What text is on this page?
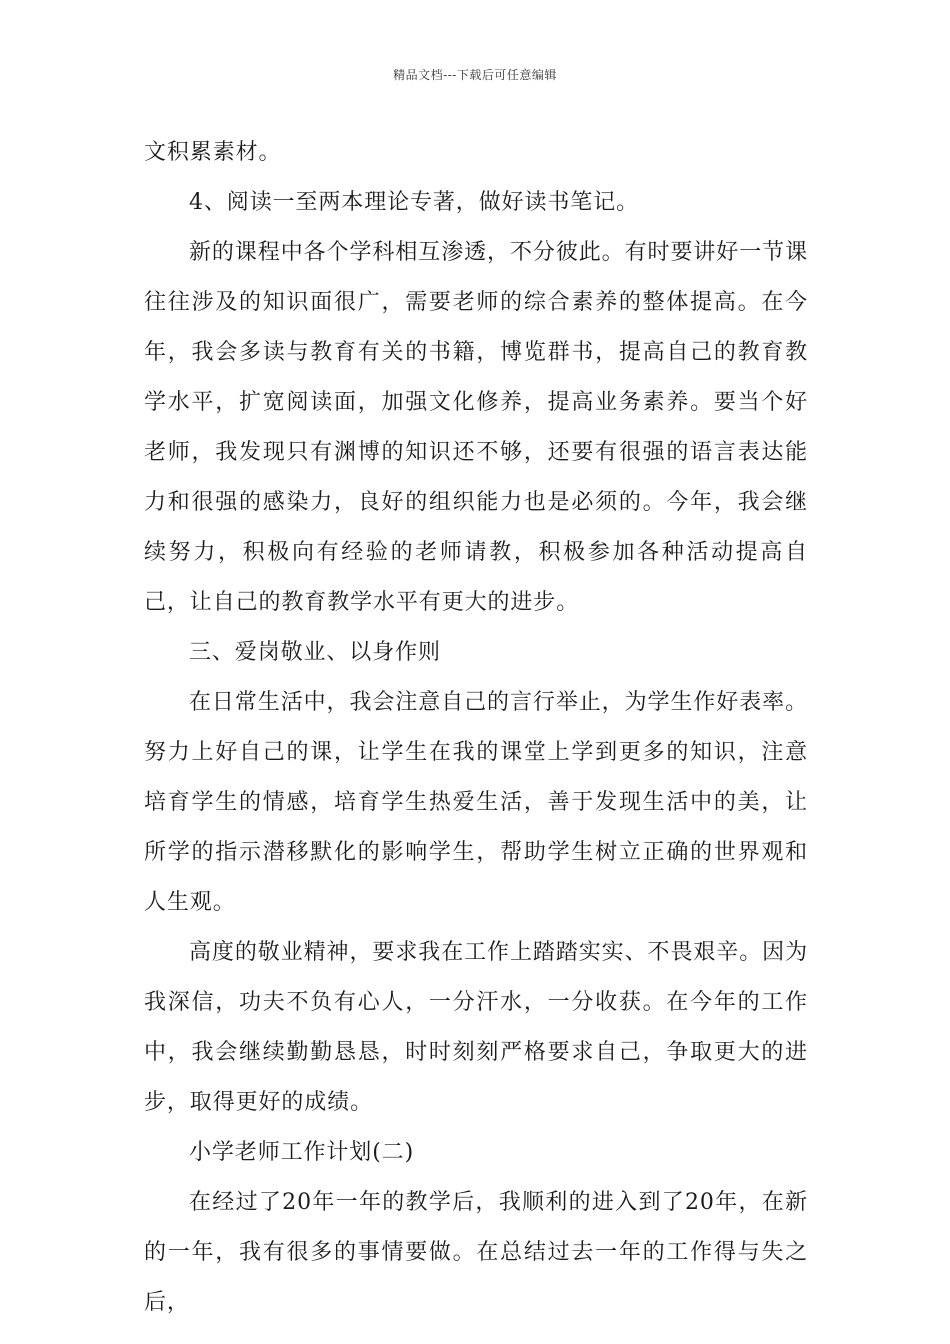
精品文档---下载后可任意编辑

文积累素材。

4、阅读一至两本理论专著，做好读书笔记。

新的课程中各个学科相互渗透，不分彼此。有时要讲好一节课往往涉及的知识面很广，需要老师的综合素养的整体提高。在今年，我会多读与教育有关的书籍，博览群书，提高自己的教育教学水平，扩宽阅读面，加强文化修养，提高业务素养。要当个好老师，我发现只有渊博的知识还不够，还要有很强的语言表达能力和很强的感染力，良好的组织能力也是必须的。今年，我会继续努力，积极向有经验的老师请教，积极参加各种活动提高自己，让自己的教育教学水平有更大的进步。

三、爱岗敬业、以身作则

在日常生活中，我会注意自己的言行举止，为学生作好表率。努力上好自己的课，让学生在我的课堂上学到更多的知识，注意培育学生的情感，培育学生热爱生活，善于发现生活中的美，让所学的指示潜移默化的影响学生，帮助学生树立正确的世界观和人生观。

高度的敬业精神，要求我在工作上踏踏实实、不畏艰辛。因为我深信，功夫不负有心人，一分汗水，一分收获。在今年的工作中，我会继续勤勤恳恳，时时刻刻严格要求自己，争取更大的进步，取得更好的成绩。

小学老师工作计划(二)

在经过了20年一年的教学后，我顺利的进入到了20年，在新的一年，我有很多的事情要做。在总结过去一年的工作得与失之后，
